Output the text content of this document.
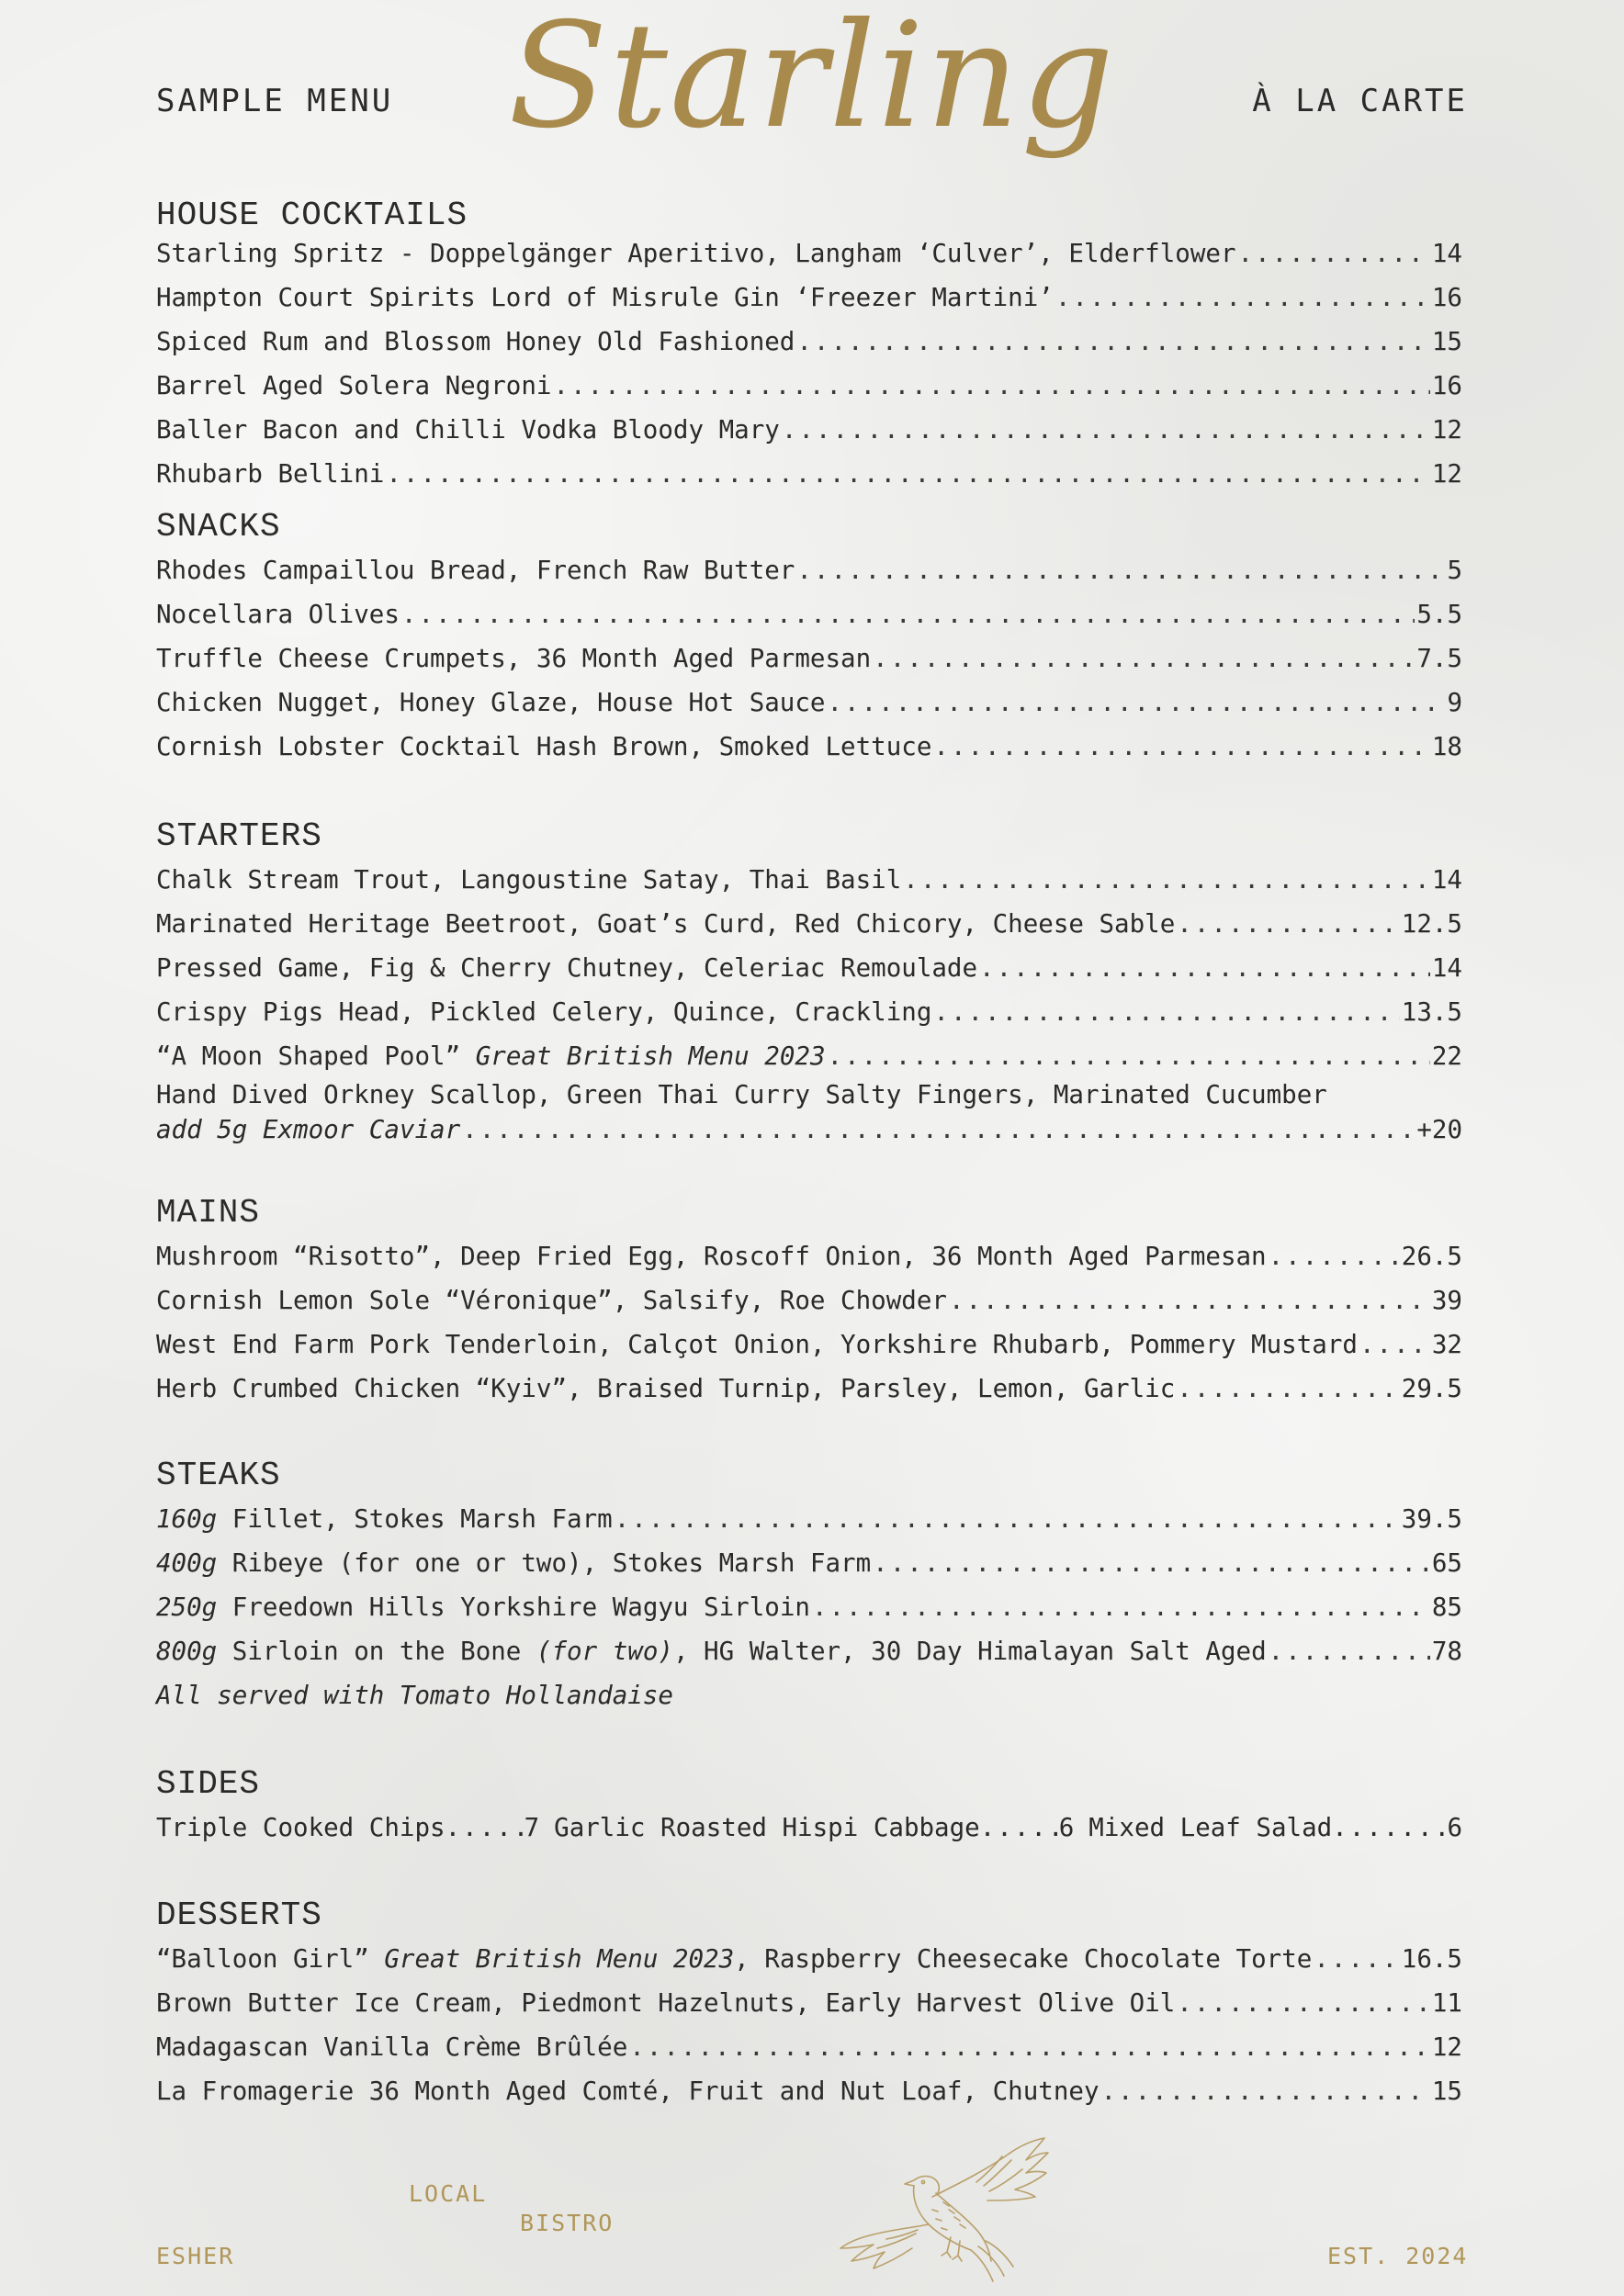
SAMPLE MENU Starling	À LA CARTE
HOUSE COCKTAILS
Starling Spritz - Doppelgänger Aperitivo, Langham ‘Culver’, Elderflower .....	14
Hampton Court Spirits Lord of Misrule Gin ‘Freezer Martini’ .....	16
Spiced Rum and Blossom Honey Old Fashioned .....	15
Barrel Aged Solera Negroni .....	16
Baller Bacon and Chilli Vodka Bloody Mary .....	12
Rhubarb Bellini .....	12
SNACKS
Rhodes Campaillou Bread, French Raw Butter .....	5
Nocellara Olives .....	5.5
Truffle Cheese Crumpets, 36 Month Aged Parmesan .....	7.5
Chicken Nugget, Honey Glaze, House Hot Sauce .....	9
Cornish Lobster Cocktail Hash Brown, Smoked Lettuce .....	18
STARTERS
Chalk Stream Trout, Langoustine Satay, Thai Basil .....	14
Marinated Heritage Beetroot, Goat’s Curd, Red Chicory, Cheese Sable .....	12.5
Pressed Game, Fig & Cherry Chutney, Celeriac Remoulade .....	14
Crispy Pigs Head, Pickled Celery, Quince, Crackling .....	13.5
“A Moon Shaped Pool” Great British Menu 2023 .....	22
Hand Dived Orkney Scallop, Green Thai Curry Salty Fingers, Marinated Cucumber
add 5g Exmoor Caviar .....	+20
MAINS
Mushroom “Risotto”, Deep Fried Egg, Roscoff Onion, 36 Month Aged Parmesan .....	26.5
Cornish Lemon Sole “Véronique”, Salsify, Roe Chowder .....	39
West End Farm Pork Tenderloin, Calçot Onion, Yorkshire Rhubarb, Pommery Mustard .....	32
Herb Crumbed Chicken “Kyiv”, Braised Turnip, Parsley, Lemon, Garlic .....	29.5
STEAKS
160g Fillet, Stokes Marsh Farm .....	39.5
400g Ribeye (for one or two), Stokes Marsh Farm .....	65
250g Freedown Hills Yorkshire Wagyu Sirloin .....	85
800g Sirloin on the Bone (for two), HG Walter, 30 Day Himalayan Salt Aged .....	78
All served with Tomato Hollandaise
SIDES
Triple Cooked Chips .....	7 Garlic Roasted Hispi Cabbage .....	6 Mixed Leaf Salad .....	6
DESSERTS
“Balloon Girl” Great British Menu 2023, Raspberry Cheesecake Chocolate Torte .....	16.5
Brown Butter Ice Cream, Piedmont Hazelnuts, Early Harvest Olive Oil .....	11
Madagascan Vanilla Crème Brûlée .....	12
La Fromagerie 36 Month Aged Comté, Fruit and Nut Loaf, Chutney .....	15
LOCAL
BISTRO
ESHER	EST. 2024
